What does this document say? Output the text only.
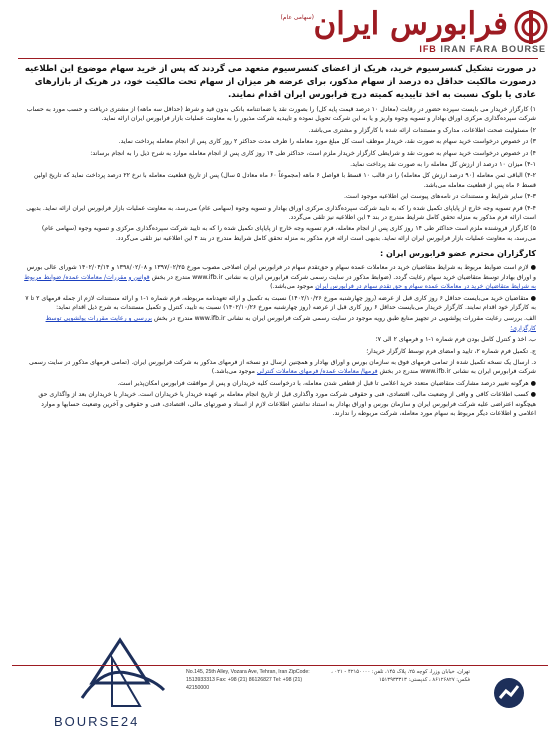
فرابورس ایران
(سهامی عام)
IFB IRAN FARA BOURSE

در صورت تشکیل کنسرسیوم خرید، هریک از اعضای کنسرسیوم متعهد می گردند که پس از خرید سهام موضوع این اطلاعیه درصورت مالکیت حداقل ده درصد از سهام مذکور، برای عرضه هر میزان از سهام تحت مالکیت خود، در هریک از بازارهای عادی یا بلوک نسبت به اخذ تاییدیه کمیته درج فرابورس ایران اقدام نمایند.

۱) کارگزار خریدار می بایست سپرده حضور در رقابت (معادل ۱۰ درصد قیمت پایه کل) را بصورت نقد یا ضمانتنامه بانکی بدون قید و شرط (حداقل سه ماهه) از مشتری دریافت و حسب مورد به حساب شرکت سپرده‌گذاری مرکزی اوراق بهادار و تسویه وجوه واریز و یا به این شرکت تحویل نموده و تاییدیه شرکت مذبور را به معاونت عملیات بازار فرابورس ایران ارائه نماید.

۲) مسئولیت صحت اطلاعات، مدارک و مستندات ارائه شده با کارگزار و مشتری می‌باشد.

۳) در خصوص درخواست خرید سهام به صورت نقد، خریدار موظف است کل مبلغ مورد معامله را ظرف مدت حداکثر ۲ روز کاری پس از انجام معامله پرداخت نماید.

۴) در خصوص درخواست خرید سهام به صورت نقد و شرایطی کارگزار خریدار ملزم است، حداکثر طی ۱۴ روز کاری پس از انجام معامله موارد به شرح ذیل را به انجام برساند:

۴-۱) میزان ۱۰ درصد از ارزش کل معامله را به صورت نقد پرداخت نماید.

۴-۲) الباقی ثمن معامله (۹۰ درصد ارزش کل معامله) را در قالب ۱۰ قسط با فواصل ۶ ماهه (مجموعاً ۶۰ ماه معادل ۵ سال) پس از تاریخ قطعیت معامله با نرخ ۲۲ درصد پرداخت نماید که تاریخ اولین قسط ۶ ماه پس از قطعیت معامله می‌باشد.

۴-۳) سایر شرایط و مستندات در نامه‌های پیوست این اطلاعیه موجود است.

۴-۴) فرم تسویه وجه خارج از پایاپای تکمیل شده را که به تایید شرکت سپرده‌گذاری مرکزی اوراق بهادار و تسویه وجوه (سهامی عام) می‌رسد، به معاونت عملیات بازار فرابورس ایران ارائه نماید. بدیهی است ارائه فرم مذکور به منزله تحقق کامل شرایط مندرج در بند ۴ این اطلاعیه نیز تلقی می‌گردد.

۵) کارگزار فروشنده ملزم است حداکثر طی ۱۴ روز کاری پس از انجام معامله، فرم تسویه وجه خارج از پایاپای تکمیل شده را که به تایید شرکت سپرده‌گذاری مرکزی و تسویه وجوه (سهامی عام) می‌رسد، به معاونت عملیات بازار فرابورس ایران ارائه نماید. بدیهی است ارائه فرم مذکور به منزله تحقق کامل شرایط مندرج در بند ۴ این اطلاعیه نیز تلقی می‌گردد.

کارگزاران محترم عضو فرابورس ایران :

● لازم است ضوابط مربوط به شرایط متقاضیان خرید در معاملات عمده سهام و حق‌تقدم سهام در فرابورس ایران اصلاحی مصوب مورخ ۱۳۹۷/۰۲/۲۵ و ۱۳۹۸/۰۲/۰۸ و ۱۴۰۲/۰۴/۱۴ شورای عالی بورس و اوراق بهادار توسط متقاضیان خرید سهام رعایت گردد. (ضوابط مذکور در سایت رسمی شرکت فرابورس ایران به نشانی www.ifb.ir مندرج در بخش قوانین و مقررات/ معاملات عمده/ ضوابط مربوط به شرایط متقاضیان خرید در معاملات عمده سهام و حق تقدم سهام در فرابورس ایران موجود می‌باشد.)

● متقاضیان خرید می‌بایست حداقل ۶ روز کاری قبل از عرضه (روز چهارشنبه مورخ ۱۴۰۲/۱۰/۲۶) نسبت به تکمیل و ارائه تعهدنامه مربوطه، فرم شماره ۱-۱ و ارائه مستندات لازم از جمله فرمهای ۲ تا ۷ به کارگزار خود اقدام نمایند. کارگزار خریدار می‌بایست حداقل ۶ روز کاری قبل از عرضه (روز چهارشنبه مورخ ۱۴۰۲/۱۰/۲۶) نسبت به تایید، کنترل و تکمیل مستندات به شرح ذیل اقدام نماید:

الف. بررسی رعایت مقررات پولشویی در تجهیز منابع طبق رویه موجود در سایت رسمی شرکت فرابورس ایران به نشانی www.ifb.ir مندرج در بخش بررسی و رعایت مقررات پولشویی توسط کارگزاری؛

ب. اخذ و کنترل کامل بودن فرم شماره ۱-۱ و فرمهای ۲ الی ۷؛

ج. تکمیل فرم شماره ۲، تایید و امضای فرم توسط کارگزار خریدار؛

د. ارسال یک نسخه تکمیل شده از تمامی فرمهای فوق به سازمان بورس و اوراق بهادار و همچنین ارسال دو نسخه از فرمهای مذکور به شرکت فرابورس ایران. (تمامی فرمهای مذکور در سایت رسمی شرکت فرابورس ایران به نشانی www.ifb.ir مندرج در بخش فرمها/ معاملات عمده/ فرمهای معاملات کنترلی موجود می‌باشد.)

● هرگونه تغییر درصد مشارکت متقاضیان متعدد خرید اعلامی تا قبل از قطعی شدن معامله، با درخواست کلیه خریداران و پس از موافقت فرابورس امکان‌پذیر است.

● کسب اطلاعات کافی و وافی از وضعیت مالی، اقتصادی، فنی و حقوقی شرکت مورد واگذاری قبل از تاریخ انجام معامله بر عهده خریدار یا خریداران است. خریدار یا خریداران بعد از واگذاری حق هیچگونه اعتراضی علیه شرکت فرابورس ایران و سازمان بورس و اوراق بهادار به استناد نداشتن اطلاعات لازم از اسناد و صورتهای مالی، اقتصادی، فنی و حقوقی و آخرین وضعیت حسابها و موارد اعلامی و اطلاعات دیگر مربوط به سهام مورد معامله، شرکت مربوطه را ندارند.

BOURSE24
No.145, 25th Alley, Vozara Ave, Tehran, Iran ZipCode: 1513933313 Fax: +98 (21) 86126827 Tel: +98 (21) 42150000
تهران، خیابان وزرا، کوچه ۲۵، پلاک ۱۴۵، تلفن: ۴۲۱۵۰۰۰۰ - ۰۲۱ ، فکس: ۸۶۱۲۶۸۲۷ ، کدپستی: ۱۵۱۳۹۳۳۳۱۳
